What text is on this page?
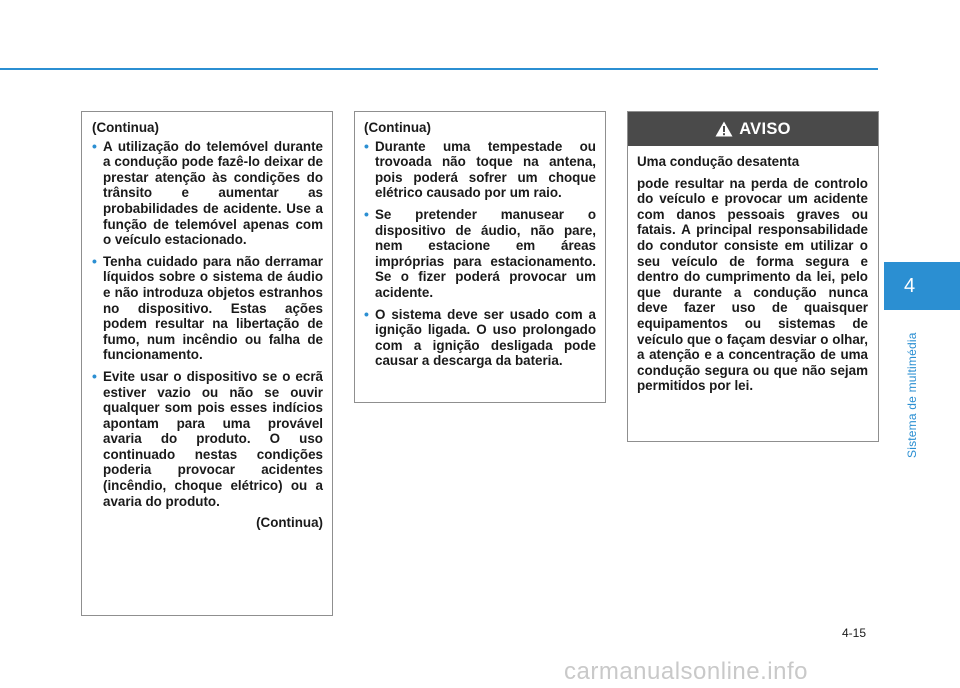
(Continua)

• A utilização do telemóvel durante a condução pode fazê-lo deixar de prestar atenção às condições do trânsito e aumentar as probabilidades de acidente. Use a função de telemóvel apenas com o veículo estacionado.
• Tenha cuidado para não derramar líquidos sobre o sistema de áudio e não introduza objetos estranhos no dispositivo. Estas ações podem resultar na libertação de fumo, num incêndio ou falha de funcionamento.
• Evite usar o dispositivo se o ecrã estiver vazio ou não se ouvir qualquer som pois esses indícios apontam para uma provável avaria do produto. O uso continuado nestas condições poderia provocar acidentes (incêndio, choque elétrico) ou a avaria do produto.

(Continua)

(Continua)

• Durante uma tempestade ou trovoada não toque na antena, pois poderá sofrer um choque elétrico causado por um raio.
• Se pretender manusear o dispositivo de áudio, não pare, nem estacione em áreas impróprias para estacionamento. Se o fizer poderá provocar um acidente.
• O sistema deve ser usado com a ignição ligada. O uso prolongado com a ignição desligada pode causar a descarga da bateria.
AVISO

Uma condução desatenta

pode resultar na perda de controlo do veículo e provocar um acidente com danos pessoais graves ou fatais. A principal responsabilidade do condutor consiste em utilizar o seu veículo de forma segura e dentro do cumprimento da lei, pelo que durante a condução nunca deve fazer uso de quaisquer equipamentos ou sistemas de veículo que o façam desviar o olhar, a atenção e a concentração de uma condução segura ou que não sejam permitidos por lei.

4
Sistema de multimédia
4-15
carmanualsonline.info
